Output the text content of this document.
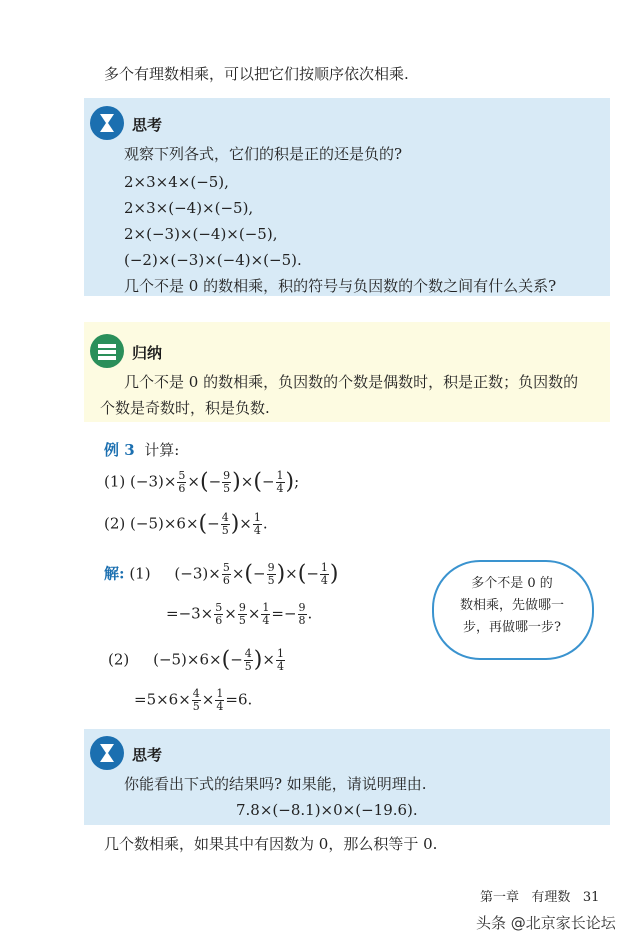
多个有理数相乘，可以把它们按顺序依次相乘.
思考
观察下列各式，它们的积是正的还是负的?
2×3×4×(−5),
2×3×(−4)×(−5),
2×(−3)×(−4)×(−5),
(−2)×(−3)×(−4)×(−5).
几个不是 0 的数相乘，积的符号与负因数的个数之间有什么关系?
归纳
几个不是 0 的数相乘，负因数的个数是偶数时，积是正数；负因数的
个数是奇数时，积是负数.
例 3 计算:
(1) $(-3)\times \frac{5}{6}$ ×(− $\frac{9}{5}$ )×(− $\frac{1}{4}$ );
(2) $(-5)\times 6\times(- \frac{4}{5}$ )× $\frac{1}{4}$ .
解: (1) $(-3)\times \frac{5}{6}$ ×(− $\frac{9}{5}$ )×(− $\frac{1}{4}$ )
$=-3\times \frac{5}{6} \times \frac{9}{5} \times \frac{1}{4} =- \frac{9}{8}$ .
(2) $(-5)\times 6\times(- \frac{4}{5}$ )× $\frac{1}{4}$
$=5\times 6\times \frac{4}{5} \times \frac{1}{4} =6$.
多个不是 0 的
数相乘，先做哪一
步，再做哪一步?
思考
你能看出下式的结果吗? 如果能，请说明理由.
7.8×(−8.1)×0×(−19.6).
几个数相乘，如果其中有因数为 0，那么积等于 0.
第一章 有理数 31
头条 @北京家长论坛
